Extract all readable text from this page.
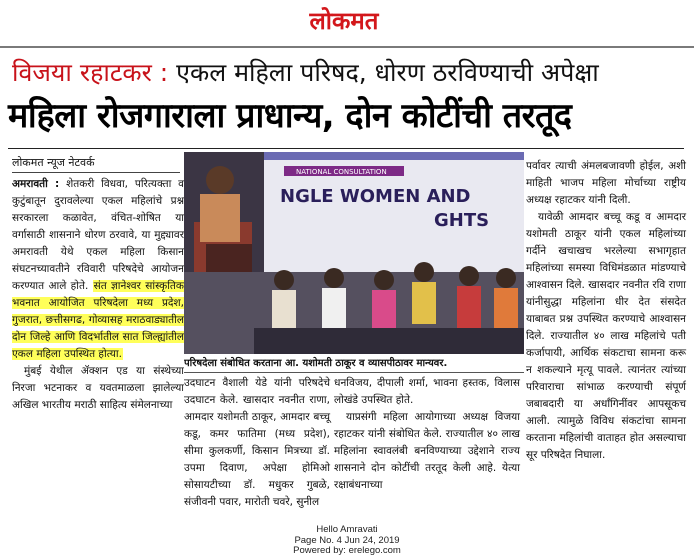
लोकमत
विजया रहाटकर : एकल महिला परिषद, धोरण ठरविण्याची अपेक्षा
महिला रोजगाराला प्राधान्य, दोन कोटींची तरतूद
लोकमत न्यूज नेटवर्क
अमरावती : शेतकरी विधवा, परित्यक्ता व कुटुंबातून दुरावलेल्या एकल महिलांचे प्रश्न सरकारला कळावेत, वंचित-शोषित या वर्गासाठी शासनाने धोरण ठरवावे, या मुद्द्यावर अमरावती येथे एकल महिला किसान संघटनच्यावतीने रविवारी परिषदेचे आयोजन करण्यात आले होते. संत ज्ञानेश्वर सांस्कृतिक भवनात आयोजित परिषदेला मध्य प्रदेश, गुजरात, छत्तीसगढ, गोव्यासह मराठवाड्यातील दोन जिल्हे आणि विदर्भातील सात जिल्ह्यांतील एकल महिला उपस्थित होत्या.
मुंबई येथील ॲक्शन एड या संस्थेच्या निरजा भटनाकर व यवतमाळला झालेल्या अखिल भारतीय मराठी साहित्य संमेलनाच्या
NATIONAL CONSULTATION
NGLE WOMEN AND
GHTS
परिषदेला संबोधित करताना आ. यशोमती ठाकूर व व्यासपीठावर मान्यवर.
उदघाटन वैशाली येडे यांनी परिषदेचे उदघाटन केले. खासदार नवनीत राणा, आमदार यशोमती ठाकूर, आमदार बच्चू कडू, कमर फातिमा (मध्य प्रदेश), सीमा कुलकर्णी, किसान मित्रच्या डॉ. उपमा दिवाण, अपेक्षा होमिओ सोसायटीच्या डॉ. मधुकर गुबळे, संजीवनी पवार, मारोती चवरे, सुनील
धनविजय, दीपाली शर्मा, भावना हस्तक, विलास लोखंडे उपस्थित होते.
याप्रसंगी महिला आयोगाच्या अध्यक्ष विजया रहाटकर यांनी संबोधित केले. राज्यातील ४० लाख महिलांना स्वावलंबी बनविण्याच्या उद्देशाने राज्य शासनाने दोन कोटींची तरतूद केली आहे. येत्या रक्षाबंधनाच्या
पर्वावर त्याची अंमलबजावणी होईल, अशी माहिती भाजप महिला मोर्चाच्या राष्ट्रीय अध्यक्ष रहाटकर यांनी दिली.
यावेळी आमदार बच्चू कडू व आमदार यशोमती ठाकूर यांनी एकल महिलांच्या गर्दीने खचाखच भरलेल्या सभागृहात महिलांच्या समस्या विधिमंडळात मांडण्याचे आश्वासन दिले. खासदार नवनीत रवि राणा यांनीसुद्धा महिलांना धीर देत संसदेत याबाबत प्रश्न उपस्थित करण्याचे आश्वासन दिले. राज्यातील ४० लाख महिलांचे पती कर्जापायी, आर्थिक संकटाचा सामना करू न शकल्याने मृत्यू पावले. त्यानंतर त्यांच्या परिवाराचा सांभाळ करण्याची संपूर्ण जबाबदारी या अर्धांगिनींवर आपसूकच आली. त्यामुळे विविध संकटांचा सामना करताना महिलांची वाताहत होत असल्याचा सूर परिषदेत निघाला.
Hello Amravati
Page No. 4 Jun 24, 2019
Powered by: erelego.com
